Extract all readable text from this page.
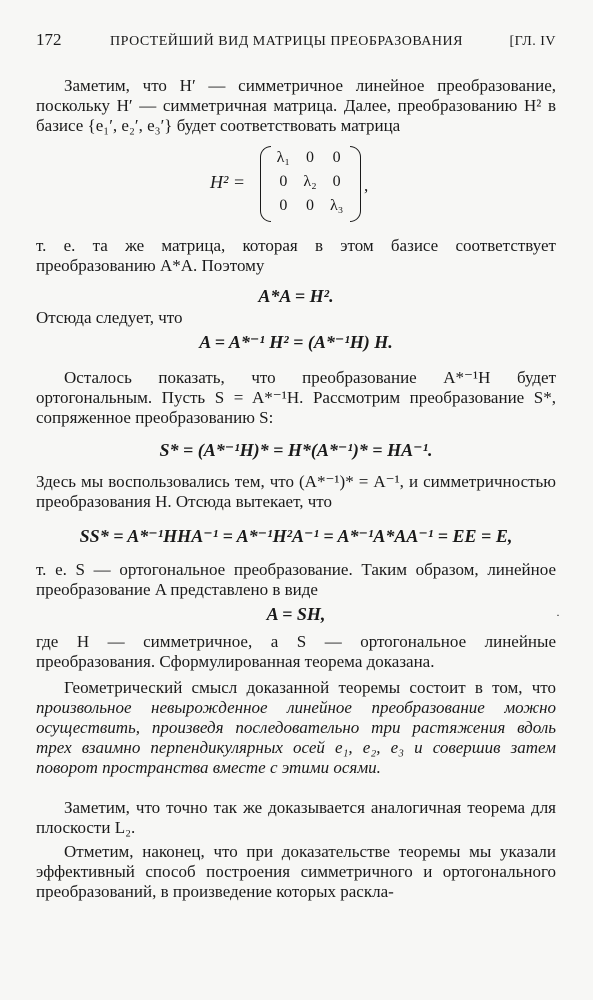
172	ПРОСТЕЙШИЙ ВИД МАТРИЦЫ ПРЕОБРАЗОВАНИЯ	[ГЛ. IV
Заметим, что H′ — симметричное линейное преобразование, поскольку H′ — симметричная матрица. Далее, преобразованию H² в базисе {e₁′, e₂′, e₃′} будет соответствовать матрица
H² =
λ₁ 0	0
0 λ₂	0
0	0	λ₃
,
т. е. та же матрица, которая в этом базисе соответствует преобразованию A*A. Поэтому
A*A = H².
Отсюда следует, что
A = A*⁻¹ H² = (A*⁻¹H) H.
Осталось показать, что преобразование A*⁻¹H будет ортогональным. Пусть S = A*⁻¹H. Рассмотрим преобразование S*, сопряженное преобразованию S:
S* = (A*⁻¹H)* = H*(A*⁻¹)* = HA⁻¹.
Здесь мы воспользовались тем, что (A*⁻¹)* = A⁻¹, и симметричностью преобразования H. Отсюда вытекает, что
SS* = A*⁻¹HHA⁻¹ = A*⁻¹H²A⁻¹ = A*⁻¹A*AA⁻¹ = EE = E,
т. е. S — ортогональное преобразование. Таким образом, линейное преобразование A представлено в виде
A = SH,	·
где H — симметричное, а S — ортогональное линейные преобразования. Сформулированная теорема доказана.
Геометрический смысл доказанной теоремы состоит в том, что произвольное невырожденное линейное преобразование можно осуществить, произведя последовательно три растяжения вдоль трех взаимно перпендикулярных осей e₁, e₂, e₃ и совершив затем поворот пространства вместе с этими осями.
Заметим, что точно так же доказывается аналогичная теорема для плоскости L₂.
Отметим, наконец, что при доказательстве теоремы мы указали эффективный способ построения симметричного и ортогонального преобразований, в произведение которых раскла-
